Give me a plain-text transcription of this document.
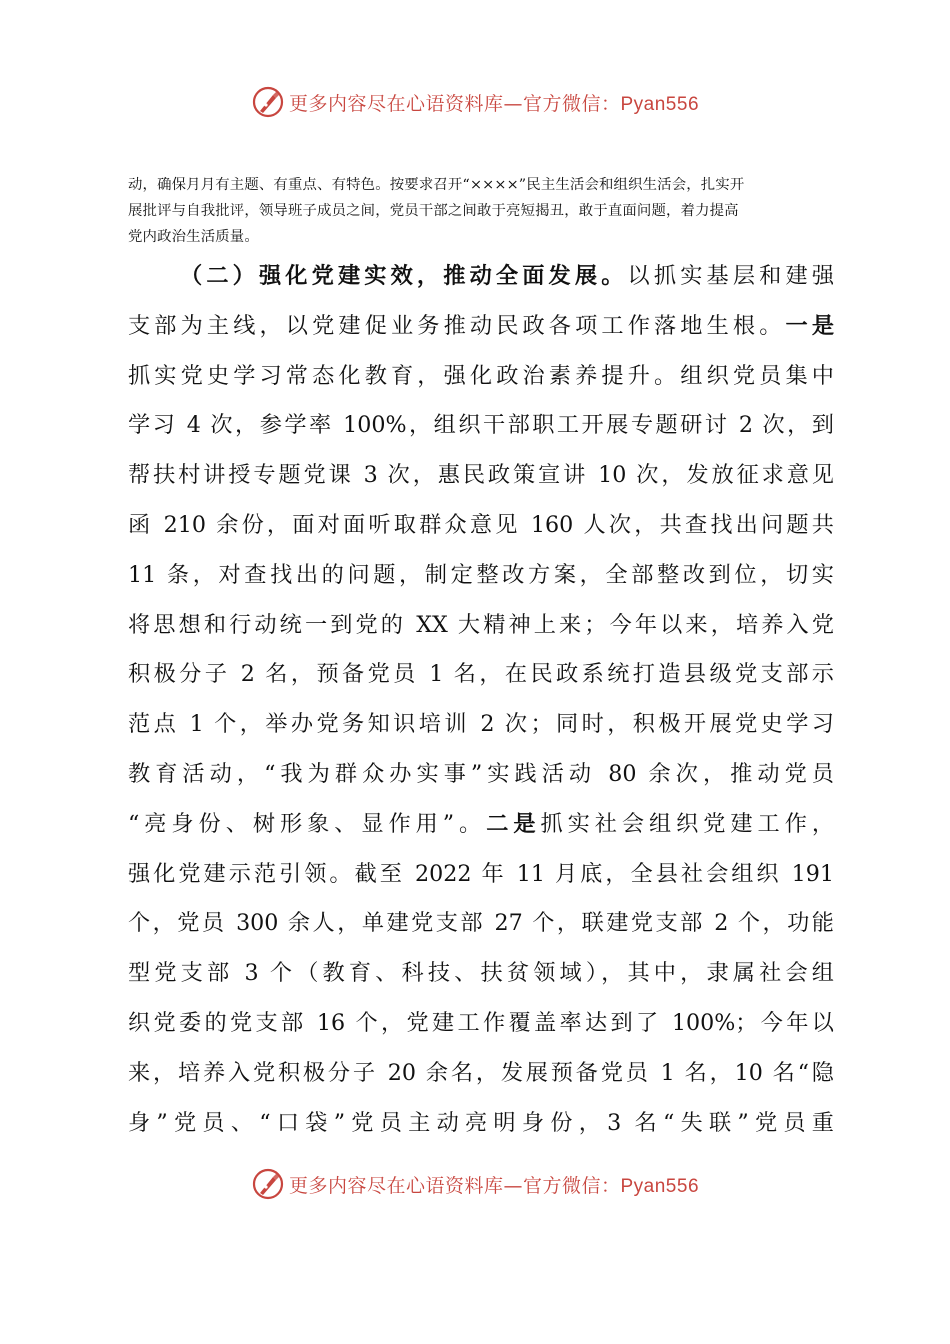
更多内容尽在心语资料库—官方微信：Pyan556
动，确保月月有主题、有重点、有特色。按要求召开“××××”民主生活会和组织生活会，扎实开
展批评与自我批评，领导班子成员之间，党员干部之间敢于亮短揭丑，敢于直面问题，着力提高
党内政治生活质量。
（二）强化党建实效，推动全面发展。以抓实基层和建强
支部为主线，以党建促业务推动民政各项工作落地生根。一是
抓实党史学习常态化教育，强化政治素养提升。组织党员集中
学习 4 次，参学率 100%，组织干部职工开展专题研讨 2 次，到
帮扶村讲授专题党课 3 次，惠民政策宣讲 10 次，发放征求意见
函 210 余份，面对面听取群众意见 160 人次，共查找出问题共
11 条，对查找出的问题，制定整改方案，全部整改到位，切实
将思想和行动统一到党的 XX 大精神上来；今年以来，培养入党
积极分子 2 名，预备党员 1 名，在民政系统打造县级党支部示
范点 1 个，举办党务知识培训 2 次；同时，积极开展党史学习
教育活动，“我为群众办实事”实践活动 80 余次，推动党员
“亮身份、树形象、显作用”。二是抓实社会组织党建工作，
强化党建示范引领。截至 2022 年 11 月底，全县社会组织 191
个，党员 300 余人，单建党支部 27 个，联建党支部 2 个，功能
型党支部 3 个（教育、科技、扶贫领域），其中，隶属社会组
织党委的党支部 16 个，党建工作覆盖率达到了 100%；今年以
来，培养入党积极分子 20 余名，发展预备党员 1 名，10 名“隐
身”党员、“口袋”党员主动亮明身份，3 名“失联”党员重
更多内容尽在心语资料库—官方微信：Pyan556
